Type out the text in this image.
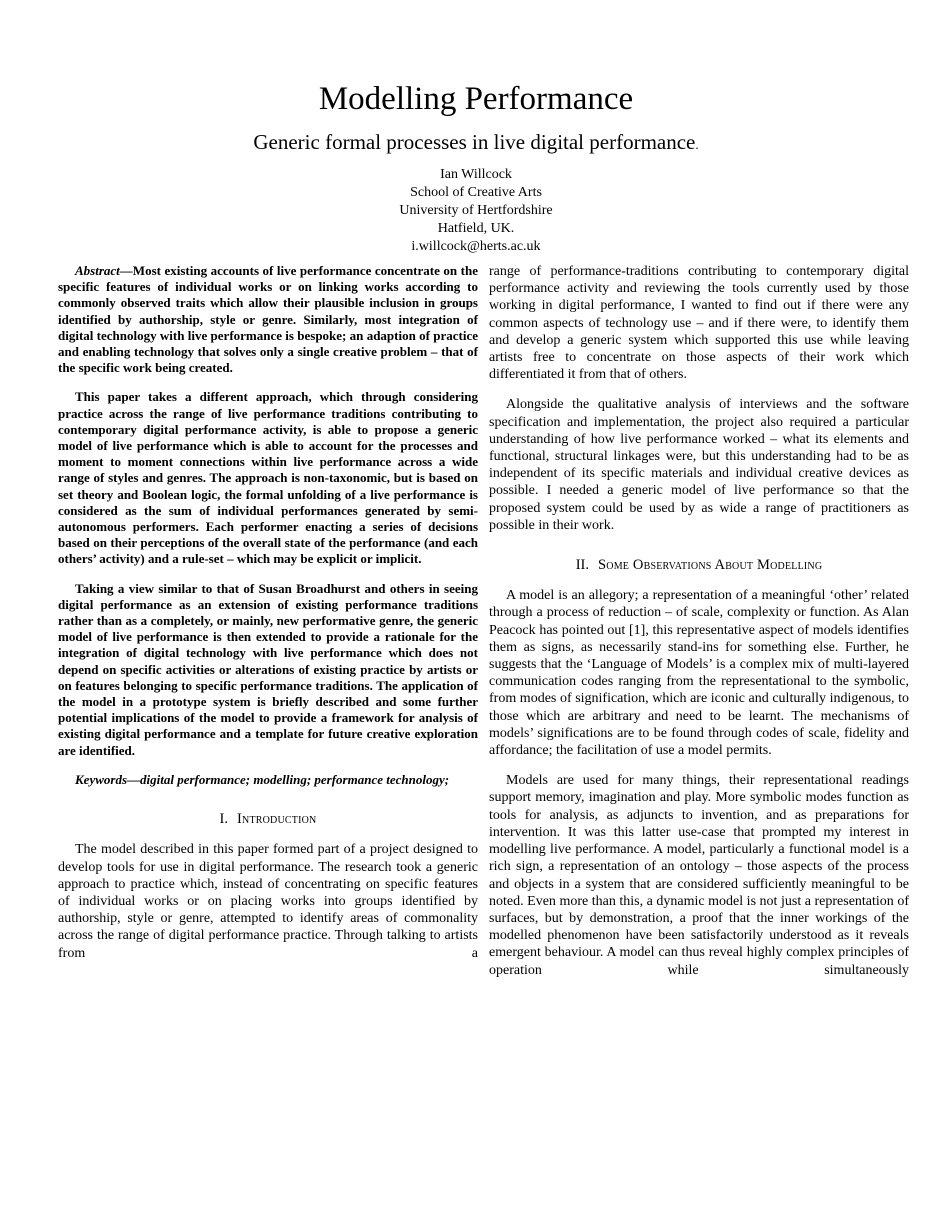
Modelling Performance
Generic formal processes in live digital performance.
Ian Willcock
School of Creative Arts
University of Hertfordshire
Hatfield, UK.
i.willcock@herts.ac.uk

Abstract—Most existing accounts of live performance concentrate on the specific features of individual works or on linking works according to commonly observed traits which allow their plausible inclusion in groups identified by authorship, style or genre. Similarly, most integration of digital technology with live performance is bespoke; an adaption of practice and enabling technology that solves only a single creative problem – that of the specific work being created.

This paper takes a different approach, which through considering practice across the range of live performance traditions contributing to contemporary digital performance activity, is able to propose a generic model of live performance which is able to account for the processes and moment to moment connections within live performance across a wide range of styles and genres. The approach is non-taxonomic, but is based on set theory and Boolean logic, the formal unfolding of a live performance is considered as the sum of individual performances generated by semi-autonomous performers. Each performer enacting a series of decisions based on their perceptions of the overall state of the performance (and each others’ activity) and a rule-set – which may be explicit or implicit.

Taking a view similar to that of Susan Broadhurst and others in seeing digital performance as an extension of existing performance traditions rather than as a completely, or mainly, new performative genre, the generic model of live performance is then extended to provide a rationale for the integration of digital technology with live performance which does not depend on specific activities or alterations of existing practice by artists or on features belonging to specific performance traditions. The application of the model in a prototype system is briefly described and some further potential implications of the model to provide a framework for analysis of existing digital performance and a template for future creative exploration are identified.

Keywords—digital performance; modelling; performance technology;

I. Introduction

The model described in this paper formed part of a project designed to develop tools for use in digital performance. The research took a generic approach to practice which, instead of concentrating on specific features of individual works or on placing works into groups identified by authorship, style or genre, attempted to identify areas of commonality across the range of digital performance practice. Through talking to artists from a

range of performance-traditions contributing to contemporary digital performance activity and reviewing the tools currently used by those working in digital performance, I wanted to find out if there were any common aspects of technology use – and if there were, to identify them and develop a generic system which supported this use while leaving artists free to concentrate on those aspects of their work which differentiated it from that of others.

Alongside the qualitative analysis of interviews and the software specification and implementation, the project also required a particular understanding of how live performance worked – what its elements and functional, structural linkages were, but this understanding had to be as independent of its specific materials and individual creative devices as possible. I needed a generic model of live performance so that the proposed system could be used by as wide a range of practitioners as possible in their work.

II. Some Observations About Modelling

A model is an allegory; a representation of a meaningful ‘other’ related through a process of reduction – of scale, complexity or function. As Alan Peacock has pointed out [1], this representative aspect of models identifies them as signs, as necessarily stand-ins for something else. Further, he suggests that the ‘Language of Models’ is a complex mix of multi-layered communication codes ranging from the representational to the symbolic, from modes of signification, which are iconic and culturally indigenous, to those which are arbitrary and need to be learnt. The mechanisms of models’ significations are to be found through codes of scale, fidelity and affordance; the facilitation of use a model permits.

Models are used for many things, their representational readings support memory, imagination and play. More symbolic modes function as tools for analysis, as adjuncts to invention, and as preparations for intervention. It was this latter use-case that prompted my interest in modelling live performance. A model, particularly a functional model is a rich sign, a representation of an ontology – those aspects of the process and objects in a system that are considered sufficiently meaningful to be noted. Even more than this, a dynamic model is not just a representation of surfaces, but by demonstration, a proof that the inner workings of the modelled phenomenon have been satisfactorily understood as it reveals emergent behaviour. A model can thus reveal highly complex principles of operation while simultaneously
